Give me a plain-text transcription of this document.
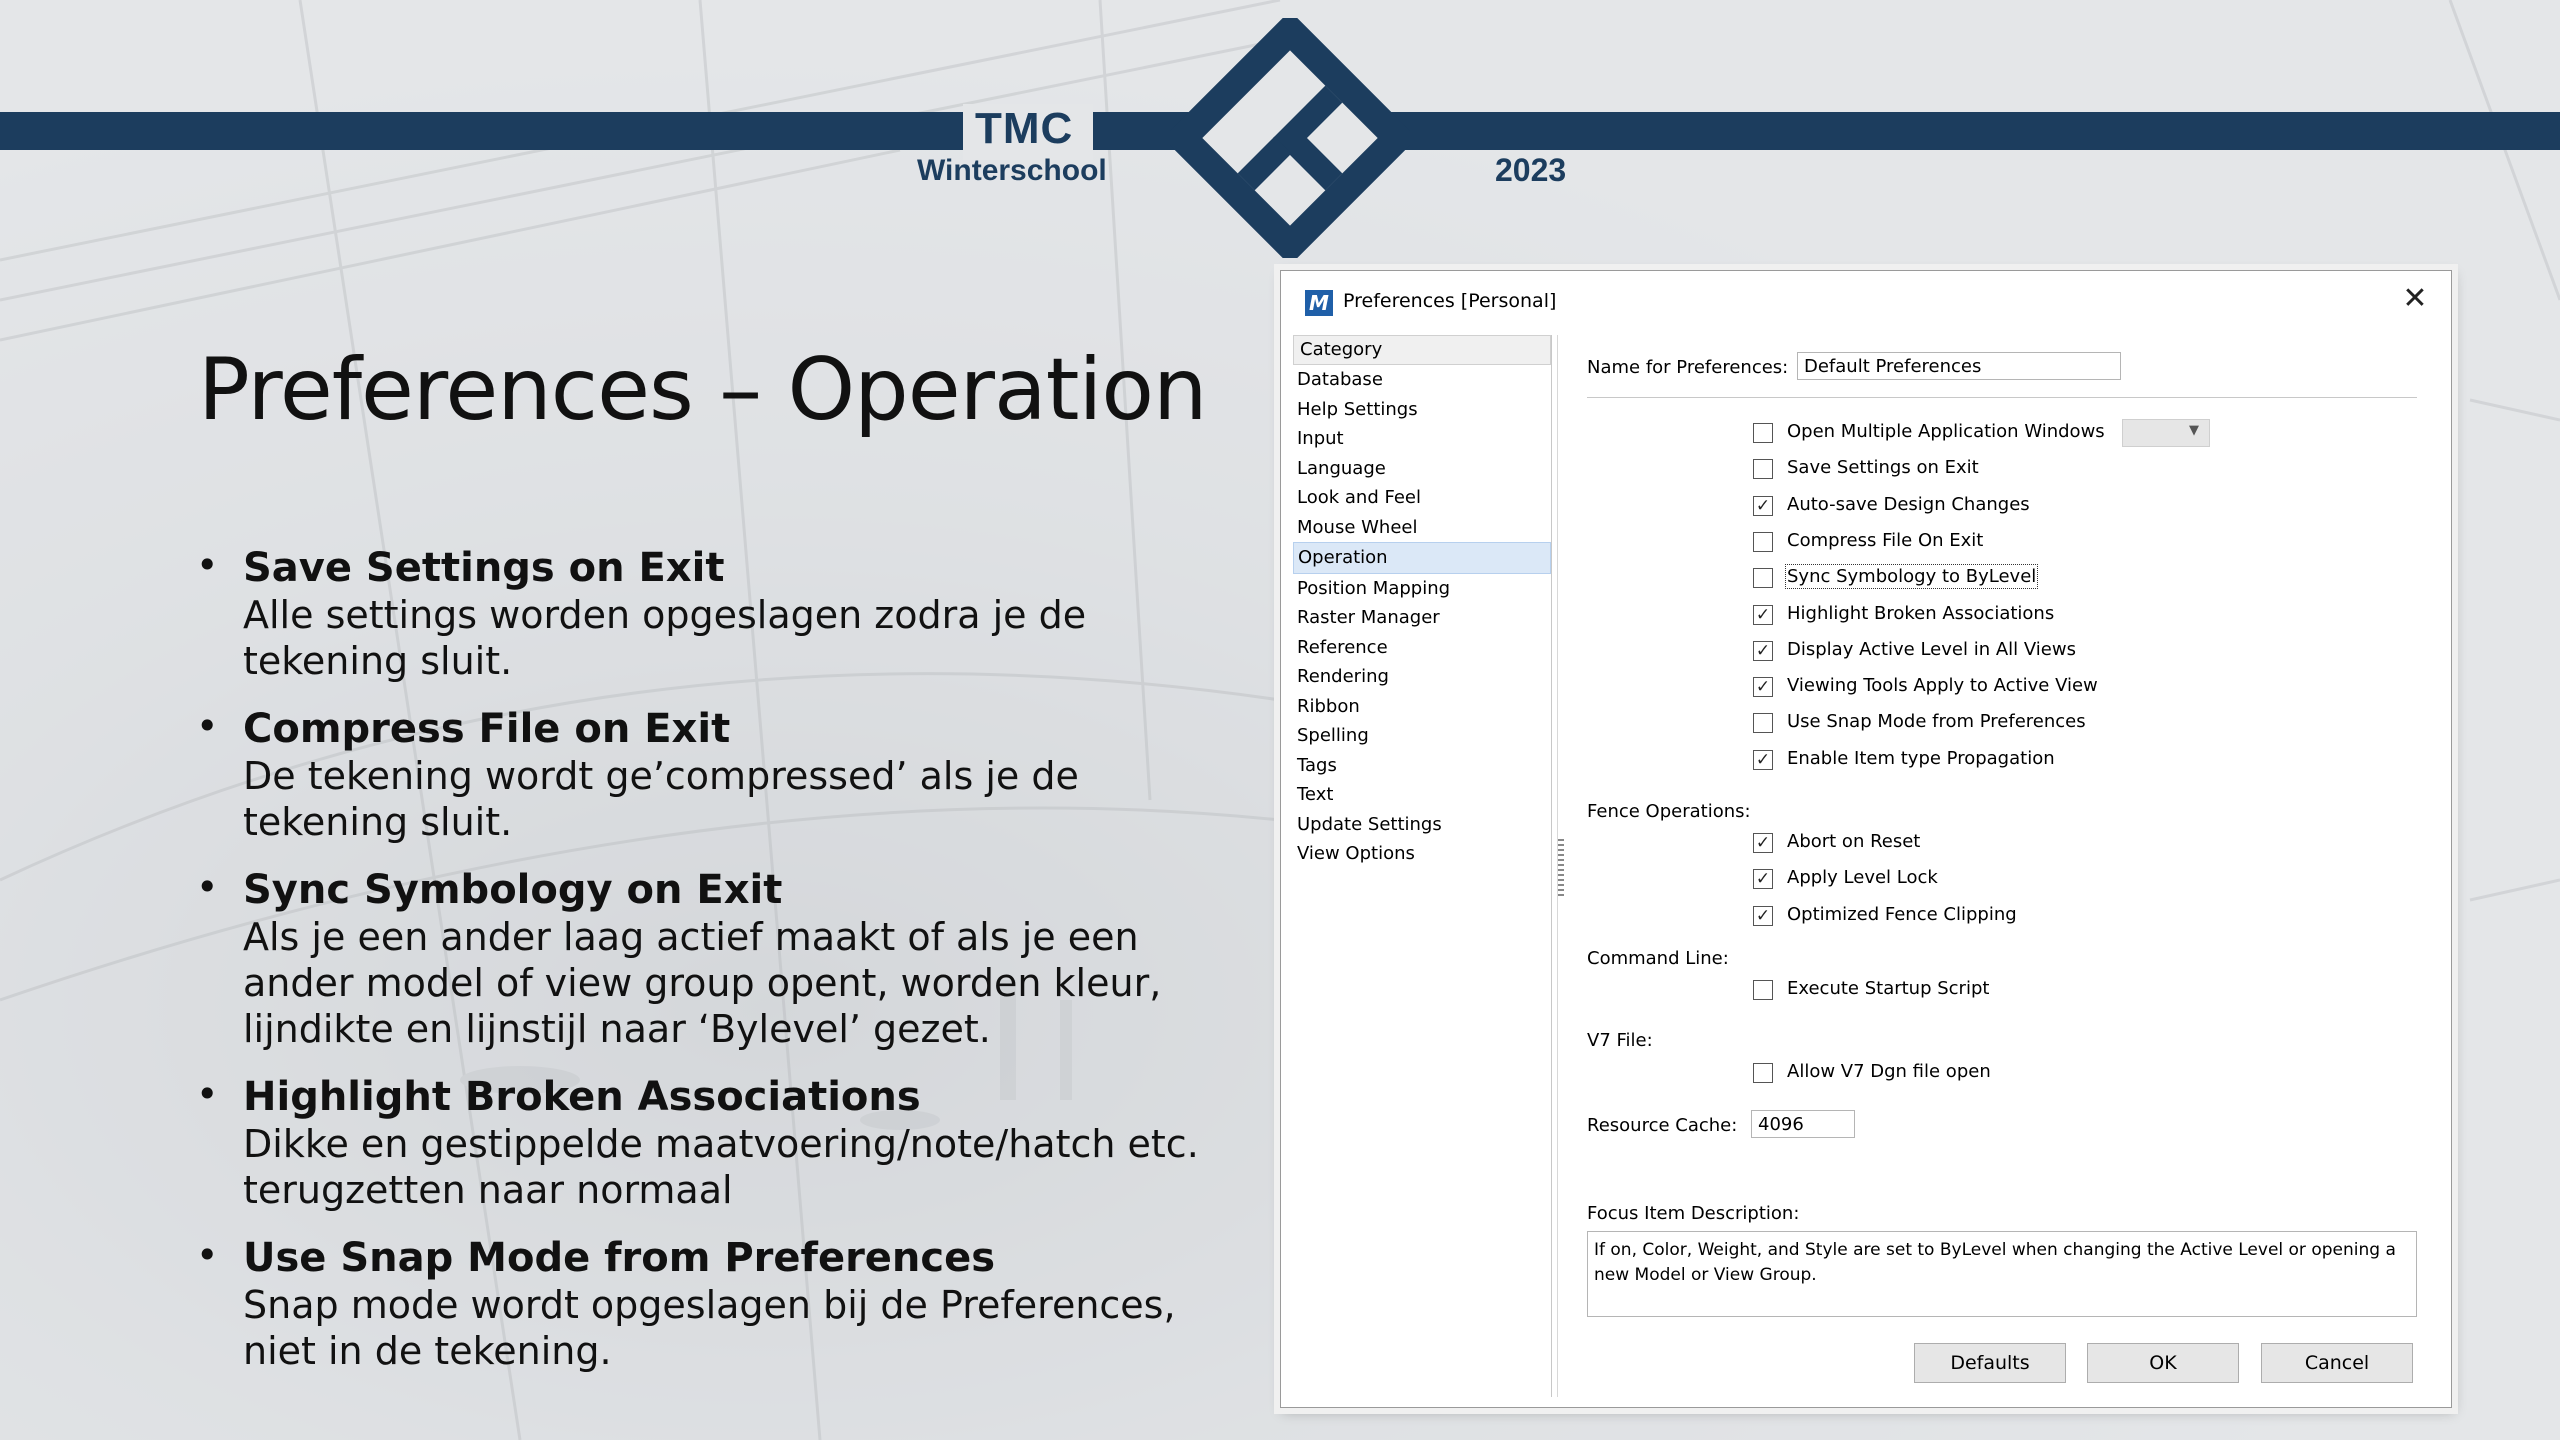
TMC
Winterschool	2023
Preferences – Operation
• Save Settings on Exit
Alle settings worden opgeslagen zodra je de tekening sluit.
• Compress File on Exit
De tekening wordt ge’compressed’ als je de tekening sluit.
• Sync Symbology on Exit
Als je een ander laag actief maakt of als je een ander model of view group opent, worden kleur, lijndikte en lijnstijl naar ‘Bylevel’ gezet.
• Highlight Broken Associations
Dikke en gestippelde maatvoering/note/hatch etc. terugzetten naar normaal
• Use Snap Mode from Preferences
Snap mode wordt opgeslagen bij de Preferences, niet in de tekening.
M Preferences [Personal]	✕
Category
Database
Help Settings
Input
Language
Look and Feel
Mouse Wheel
Operation
Position Mapping
Raster Manager
Reference
Rendering
Ribbon
Spelling
Tags
Text
Update Settings
View Options
Name for Preferences: Default Preferences
Open Multiple Application Windows
Save Settings on Exit
✓ Auto-save Design Changes
Compress File On Exit
Sync Symbology to ByLevel
✓ Highlight Broken Associations
✓ Display Active Level in All Views
✓ Viewing Tools Apply to Active View
Use Snap Mode from Preferences
✓ Enable Item type Propagation
▼
Fence Operations:
✓ Abort on Reset
✓ Apply Level Lock
✓ Optimized Fence Clipping
Command Line:
Execute Startup Script
V7 File:
Allow V7 Dgn file open
Resource Cache:	4096
Focus Item Description:
If on, Color, Weight, and Style are set to ByLevel when changing the Active Level or opening a new Model or View Group.
Defaults	OK	Cancel
